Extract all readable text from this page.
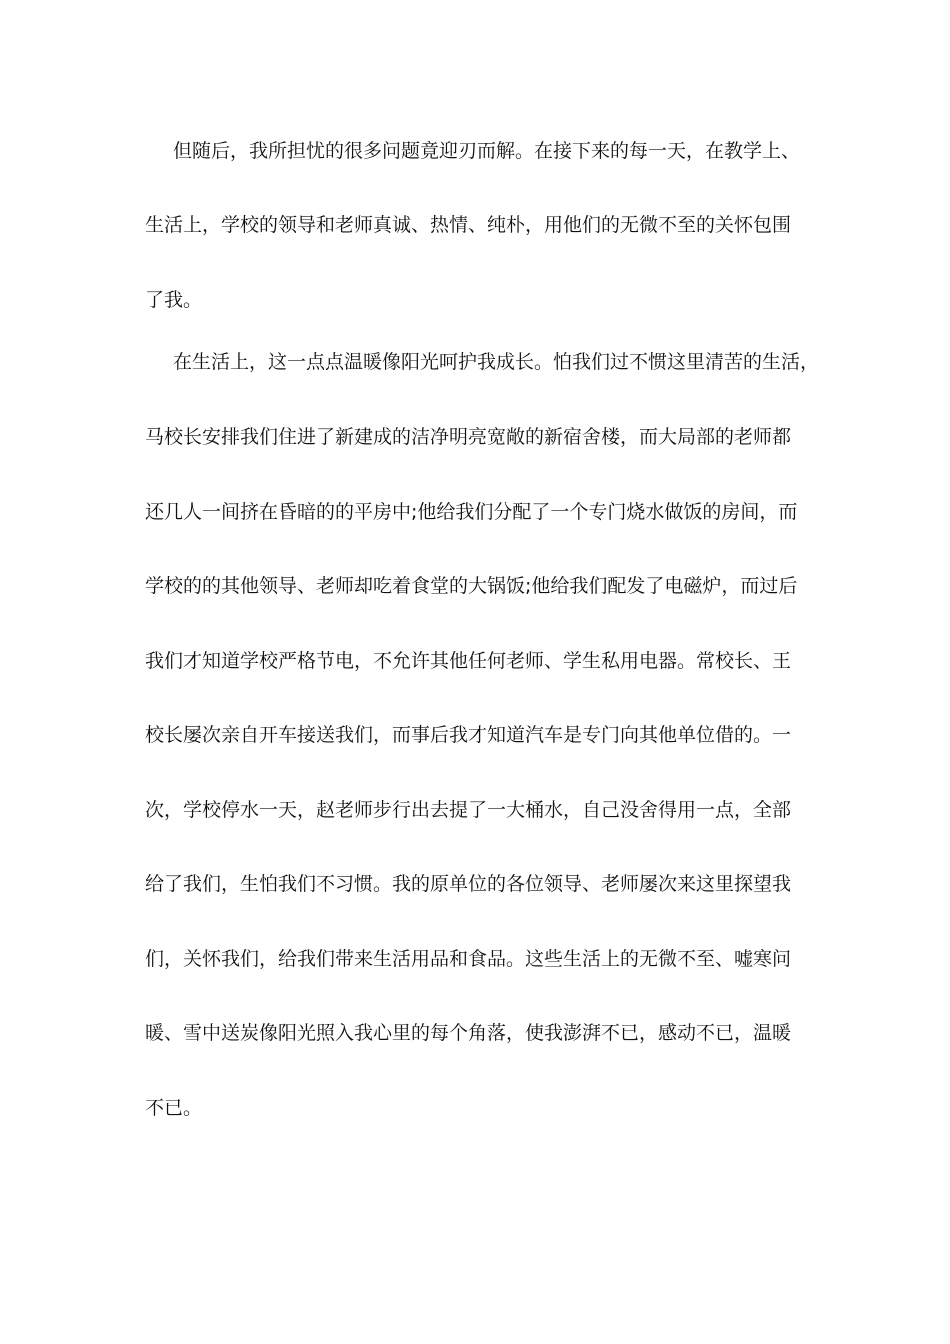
但随后，我所担忧的很多问题竟迎刃而解。在接下来的每一天，在教学上、
生活上，学校的领导和老师真诚、热情、纯朴，用他们的无微不至的关怀包围
了我。
在生活上，这一点点温暖像阳光呵护我成长。怕我们过不惯这里清苦的生活，
马校长安排我们住进了新建成的洁净明亮宽敞的新宿舍楼，而大局部的老师都
还几人一间挤在昏暗的的平房中;他给我们分配了一个专门烧水做饭的房间，而
学校的的其他领导、老师却吃着食堂的大锅饭;他给我们配发了电磁炉，而过后
我们才知道学校严格节电，不允许其他任何老师、学生私用电器。常校长、王
校长屡次亲自开车接送我们，而事后我才知道汽车是专门向其他单位借的。一
次，学校停水一天，赵老师步行出去提了一大桶水，自己没舍得用一点，全部
给了我们，生怕我们不习惯。我的原单位的各位领导、老师屡次来这里探望我
们，关怀我们，给我们带来生活用品和食品。这些生活上的无微不至、嘘寒问
暖、雪中送炭像阳光照入我心里的每个角落，使我澎湃不已，感动不已，温暖
不已。
